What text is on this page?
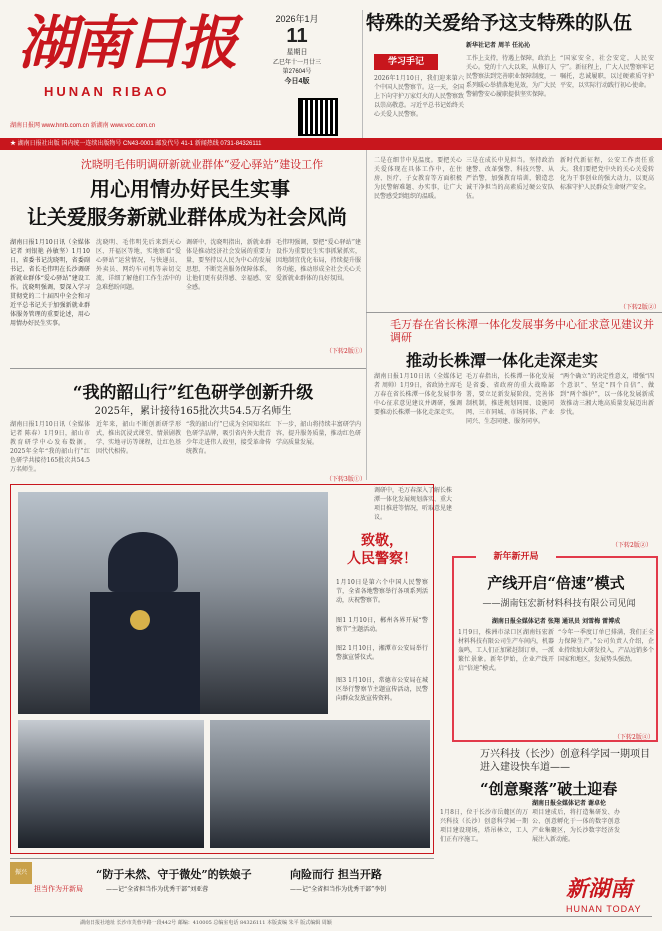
湖南日报
HUNAN RIBAO
2026年1月
11
星期日
乙巳年十一月廿三
第27604号
今日4版
湖南日报网 www.hnrb.com.cn 新湖南 www.voc.com.cn
★ 湖南日报社出版 国内统一连续出版物号 CN43-0001 邮发代号 41-1 新闻热线 0731-84326111
特殊的关爱给予这支特殊的队伍
新华社记者 周羊 任沁沁
学习手记
2026年1月10日，我们迎来第六个中国人民警察节。这一天，全国上下向守护万家灯火的人民警察致以崇高敬意。习近平总书记始终关心关爱人民警察。
工作上支持，待遇上保障，政治上关心。党的十八大以来，从修订人民警察法到完善职业保障制度，一系列暖心举措落地见效，为广大民警辅警安心履职提供坚实保障。
“国家安全，社会安定，人民安宁”。新征程上，广大人民警察牢记嘱托，忠诚履职，以过硬素质守护平安，以实际行动践行初心使命。
沈晓明毛伟明调研新就业群体“爱心驿站”建设工作
用心用情办好民生实事
让关爱服务新就业群体成为社会风尚
湖南日报1月10日讯（全媒体记者 刘银艳 孙敏坚）1月10日，省委书记沈晓明，省委副书记、省长毛伟明在长沙调研新就业群体“爱心驿站”建设工作。沈晓明强调，要深入学习贯彻党的二十届四中全会和习近平总书记关于加强新就业群体服务管理的重要论述，用心用情办好民生实事。
沈晓明、毛伟明先后来到天心区、开福区等地，实地察看“爱心驿站”运营情况，与快递员、外卖员、网约车司机等亲切交流，详细了解他们工作生活中的急难愁盼问题。
调研中，沈晓明指出，新就业群体是推动经济社会发展的重要力量，要坚持以人民为中心的发展思想，不断完善服务保障体系，让他们更有获得感、幸福感、安全感。
毛伟明强调，要把“爱心驿站”建设作为重要民生实事抓紧抓实，因地制宜优化布局，持续提升服务功能，推动形成全社会关心关爱新就业群体的良好氛围。
（下转2版①）
二是在细节中见温度。要把关心关爱体现在具体工作中，在住房、医疗、子女教育等方面积极为民警解难题、办实事，让广大民警感受到组织的温暖。
三是在成长中见担当。坚持政治建警、改革强警、科技兴警、从严治警，加强教育培训，锻造忠诚干净担当的高素质过硬公安队伍。
新时代新征程，公安工作责任重大。我们要把党中央的关心关爱转化为干事创业的强大动力，以更高标准守护人民群众生命财产安全。
（下转2版②）
毛万春在省长株潭一体化发展事务中心征求意见建议并调研
推动长株潭一体化走深走实
湖南日报1月10日讯（全媒体记者 周帅）1月9日，省政协主席毛万春在省长株潭一体化发展事务中心征求意见建议并调研，强调要推动长株潭一体化走深走实。
毛万春指出，长株潭一体化发展是省委、省政府的重大战略部署，要立足新发展阶段，完善体制机制，推进规划同图、设施同网、三市同城、市场同体、产业同兴、生态同建、服务同享。
“两个确立”的决定性意义，增强“四个意识”、坚定“四个自信”、做到“两个维护”，以一体化发展新成效推动三湘大地高质量发展迈出新步伐。
“我的韶山行”红色研学创新升级
2025年，累计接待165批次共54.5万名师生
湖南日报1月10日讯（全媒体记者 陈春）1月9日，韶山市教育研学中心发布数据，2025年全年“我的韶山行”红色研学共接待165批次共54.5万名师生。
近年来，韶山不断创新研学形式，推出沉浸式课堂、情景剧教学、实地寻访等课程，让红色基因代代相传。
“我的韶山行”已成为全国知名红色研学品牌，吸引省内外大批青少年走进伟人故里，接受革命传统教育。
下一步，韶山将持续丰富研学内容，提升服务质量，推动红色研学高质量发展。
（下转3版①）
致敬，
人民警察！
1月10日是第六个中国人民警察节，全省各地警察举行各项系列活动，庆祝警察节。
图1 1月10日，郴州各界开展“警察节”主题活动。
图2 1月10日，湘潭市公安局举行警旗宣誓仪式。
图3 1月10日，常德市公安局在城区举行警察节主题宣传活动，民警向群众发放宣传资料。
新年新开局
产线开启“倍速”模式
——湖南钰宏新材料科技有限公司见闻
湖南日报全媒体记者 张翔 通讯员 刘雪梅 雷博成
1月9日，株洲市渌口区湖南钰宏新材料科技有限公司生产车间内，机器轰鸣，工人们正加紧赶制订单，一派繁忙景象。新年伊始，企业产线开启“倍速”模式。
“今年一季度订单已排满，我们正全力保障生产。”公司负责人介绍，企业持续加大研发投入，产品远销多个国家和地区，发展势头强劲。
（下转2版④）
调研中，毛万春深入了解长株潭一体化发展规划落实、重大项目推进等情况，听取意见建议。
（下转2版②）
万兴科技（长沙）创意科学园一期项目进入建设快车道——
“创意聚落”破土迎春
湖南日报全媒体记者 谢卓伦
1月8日，位于长沙市岳麓区的万兴科技（长沙）创意科学园一期项目建设现场，塔吊林立，工人们正有序施工。
项目建成后，将打造集研发、办公、创意孵化于一体的数字创意产业集聚区，为长沙数字经济发展注入新动能。
振兴
担当作为开新局
“防于未然、守于微处”的铁娘子
——记“全省担当作为优秀干部”刘亚蓉
向险而行 担当开路
——记“全省担当作为优秀干部”李钊
湖南日报社地址 长沙市芙蓉中路一段442号 邮编：410005 总编室电话 84326111 本版责编 朱平 版式编辑 周颖
新湖南
HUNAN TODAY
